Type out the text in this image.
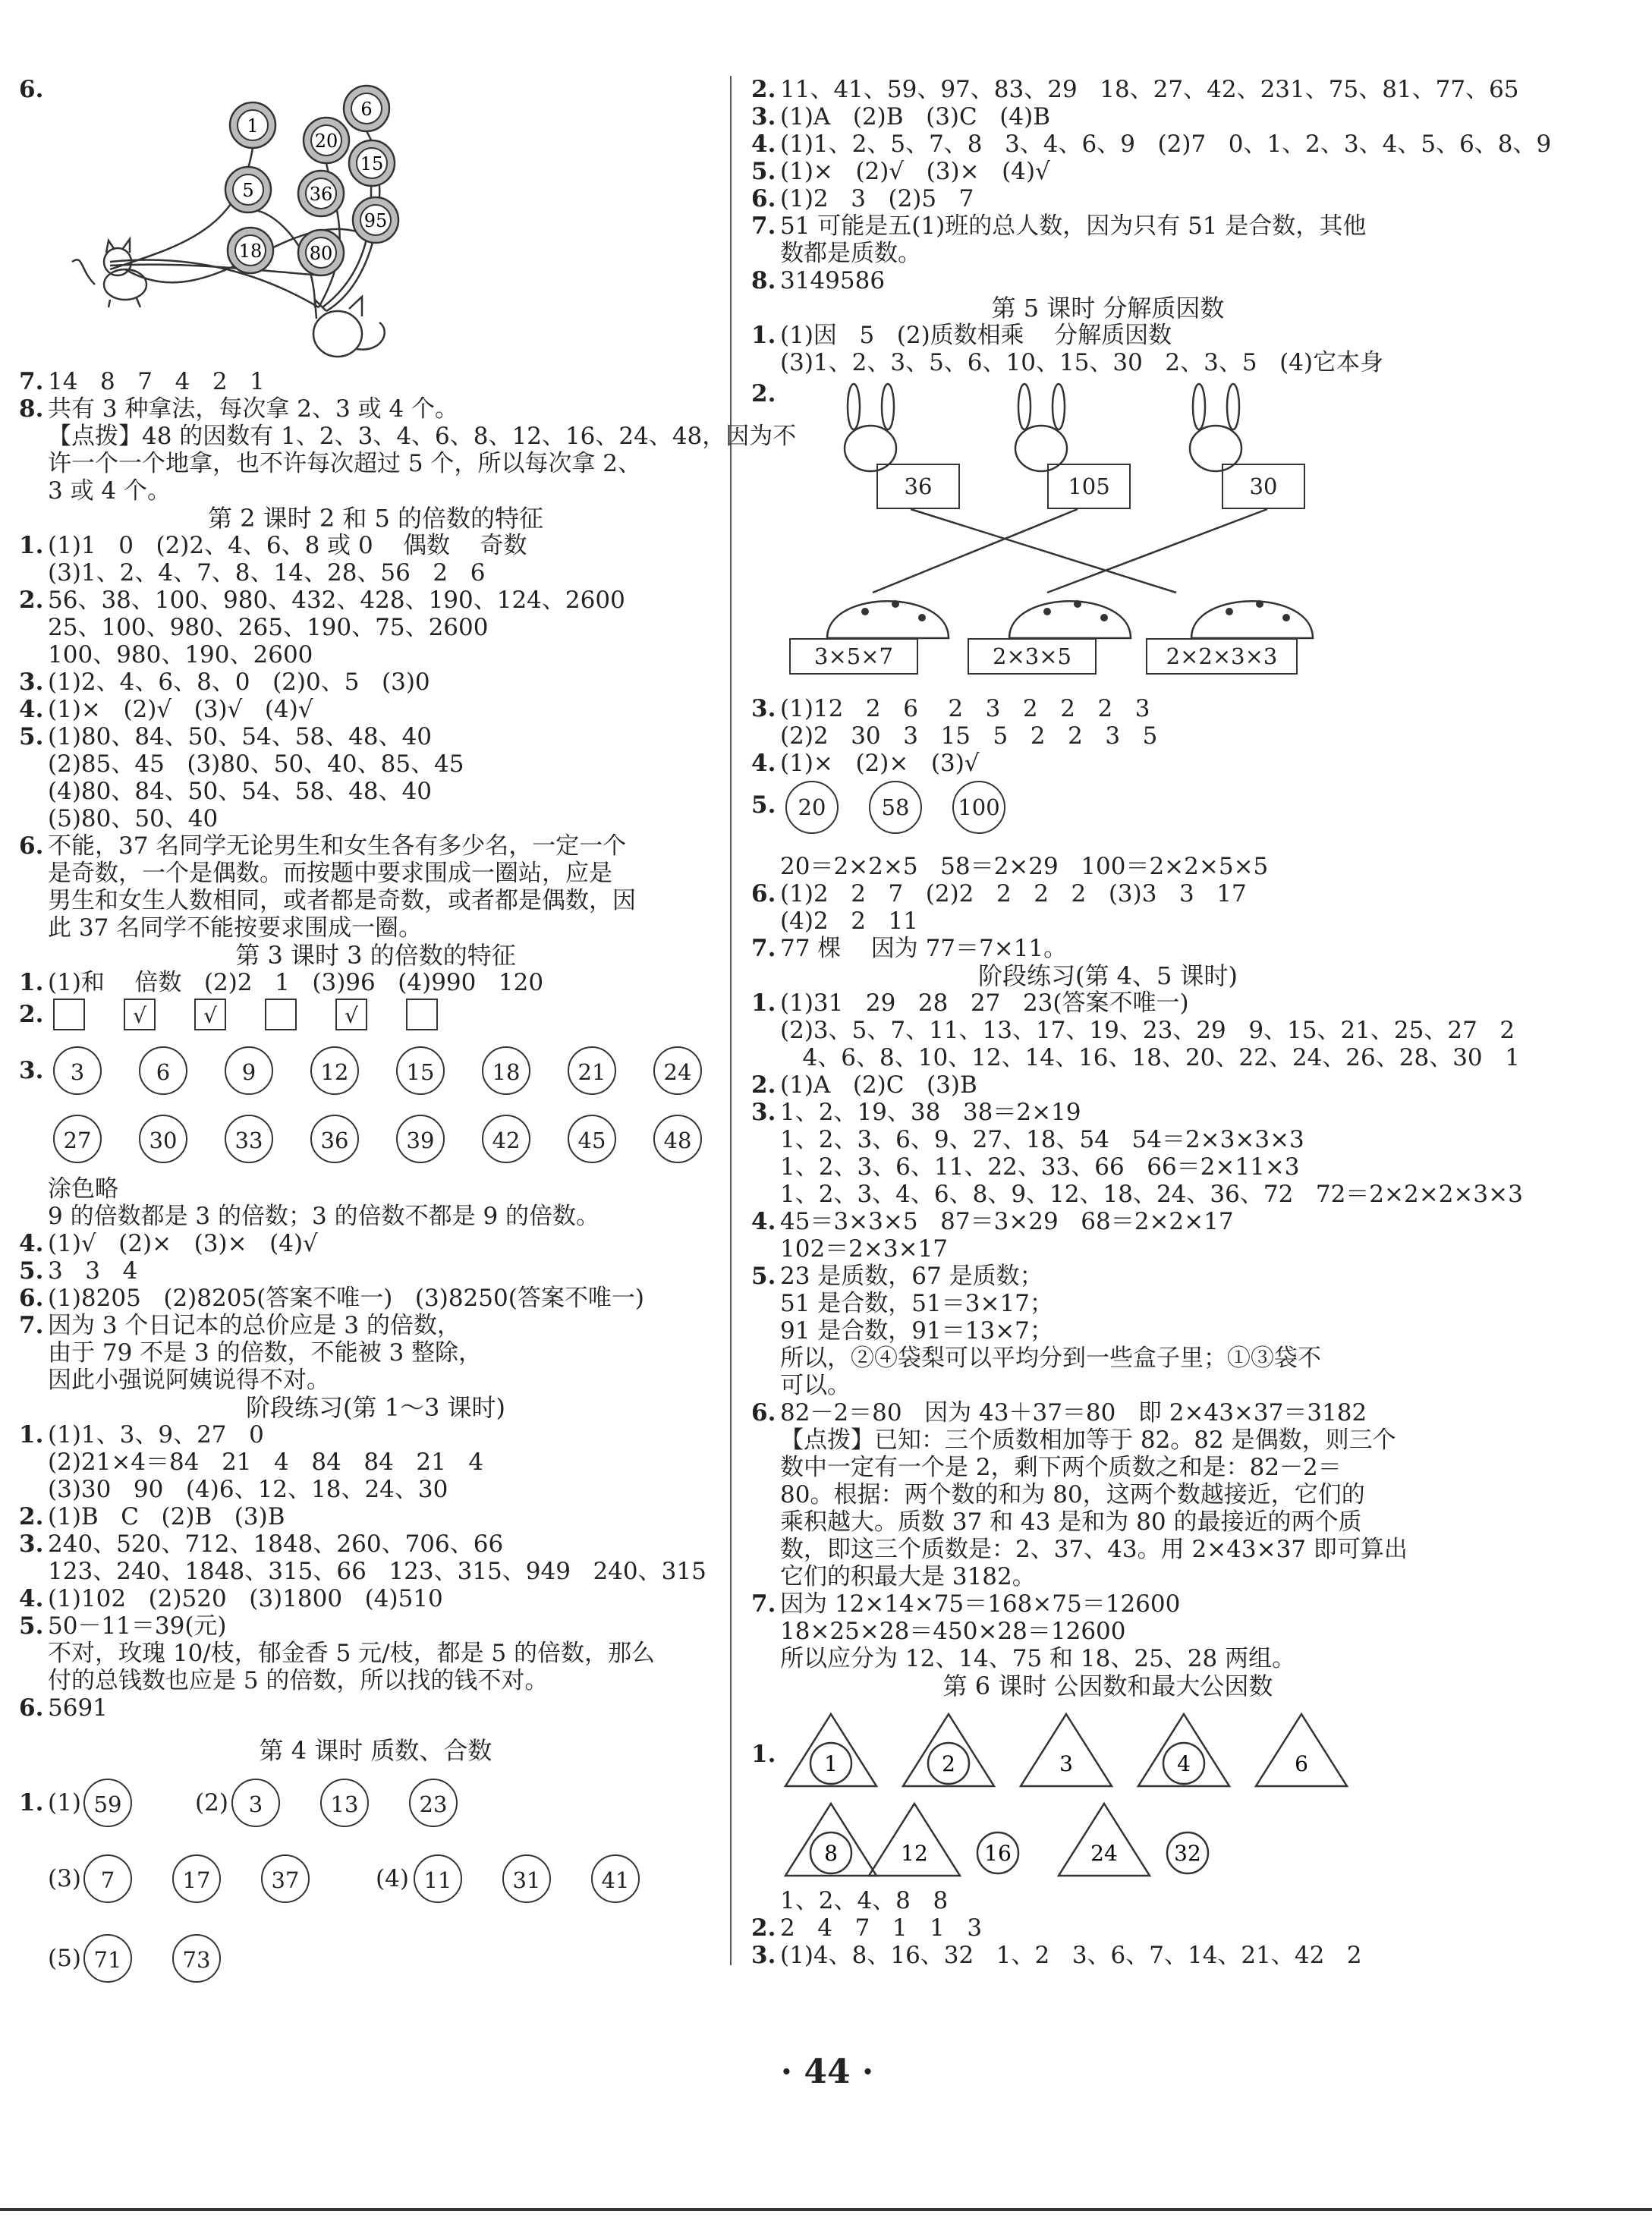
6.
1
6
20
15
5	36
95
18	80
7. 14   8   7   4   2   1
8. 共有 3 种拿法，每次拿 2、3 或 4 个。
【点拨】48 的因数有 1、2、3、4、6、8、12、16、24、48，因为不
许一个一个地拿，也不许每次超过 5 个，所以每次拿 2、
3 或 4 个。
第 2 课时 2 和 5 的倍数的特征
1. (1)1   0   (2)2、4、6、8 或 0    偶数    奇数
(3)1、2、4、7、8、14、28、56   2   6
2. 56、38、100、980、432、428、190、124、2600
25、100、980、265、190、75、2600
100、980、190、2600
3. (1)2、4、6、8、0   (2)0、5   (3)0
4. (1)×   (2)√   (3)√   (4)√
5. (1)80、84、50、54、58、48、40
(2)85、45   (3)80、50、40、85、45
(4)80、84、50、54、58、48、40
(5)80、50、40
6. 不能，37 名同学无论男生和女生各有多少名，一定一个
是奇数，一个是偶数。而按题中要求围成一圈站，应是
男生和女生人数相同，或者都是奇数，或者都是偶数，因
此 37 名同学不能按要求围成一圈。
第 3 课时 3 的倍数的特征
1. (1)和    倍数   (2)2   1   (3)96   (4)990   120
2.	√	√	√
3.	3	6	9	12	15	18	21	24
27	30	33	36	39	42	45	48
涂色略
9 的倍数都是 3 的倍数；3 的倍数不都是 9 的倍数。
4. (1)√   (2)×   (3)×   (4)√
5. 3   3   4
6. (1)8205   (2)8205(答案不唯一)   (3)8250(答案不唯一)
7. 因为 3 个日记本的总价应是 3 的倍数，
由于 79 不是 3 的倍数，不能被 3 整除，
因此小强说阿姨说得不对。
阶段练习(第 1～3 课时)
1. (1)1、3、9、27   0
(2)21×4＝84   21   4   84   84   21   4
(3)30   90   (4)6、12、18、24、30
2. (1)B   C   (2)B   (3)B
3. 240、520、712、1848、260、706、66
123、240、1848、315、66   123、315、949   240、315
4. (1)102   (2)520   (3)1800   (4)510
5. 50－11＝39(元)
不对，玫瑰 10/枝，郁金香 5 元/枝，都是 5 的倍数，那么
付的总钱数也应是 5 的倍数，所以找的钱不对。
6. 5691
第 4 课时 质数、合数
1. (1) 59	(2) 3	13	23
(3) 7	17	37	(4) 11	31	41
(5) 71	73
2. 11、41、59、97、83、29   18、27、42、231、75、81、77、65
3. (1)A   (2)B   (3)C   (4)B
4. (1)1、2、5、7、8   3、4、6、9   (2)7   0、1、2、3、4、5、6、8、9
5. (1)×   (2)√   (3)×   (4)√
6. (1)2   3   (2)5   7
7. 51 可能是五(1)班的总人数，因为只有 51 是合数，其他
数都是质数。
8. 3149586
第 5 课时 分解质因数
1. (1)因   5   (2)质数相乘    分解质因数
(3)1、2、3、5、6、10、15、30   2、3、5   (4)它本身
2.
36	105	30
3×5×7	2×3×5	2×2×3×3
3. (1)12   2   6    2   3   2   2   2   3
(2)2   30   3   15   5   2   2   3   5
4. (1)×   (2)×   (3)√
5.	20	58	100
20＝2×2×5   58＝2×29   100＝2×2×5×5
6. (1)2   2   7   (2)2   2   2   2   (3)3   3   17
(4)2   2   11
7. 77 棵    因为 77＝7×11。
阶段练习(第 4、5 课时)
1. (1)31   29   28   27   23(答案不唯一)
(2)3、5、7、11、13、17、19、23、29   9、15、21、25、27   2
4、6、8、10、12、14、16、18、20、22、24、26、28、30   1
2. (1)A   (2)C   (3)B
3. 1、2、19、38   38＝2×19
1、2、3、6、9、27、18、54   54＝2×3×3×3
1、2、3、6、11、22、33、66   66＝2×11×3
1、2、3、4、6、8、9、12、18、24、36、72   72＝2×2×2×3×3
4. 45＝3×3×5   87＝3×29   68＝2×2×17
102＝2×3×17
5. 23 是质数，67 是质数；
51 是合数，51＝3×17；
91 是合数，91＝13×7；
所以，②④袋梨可以平均分到一些盒子里；①③袋不
可以。
6. 82－2＝80   因为 43＋37＝80   即 2×43×37＝3182
【点拨】已知：三个质数相加等于 82。82 是偶数，则三个
数中一定有一个是 2，剩下两个质数之和是：82－2＝
80。根据：两个数的和为 80，这两个数越接近，它们的
乘积越大。质数 37 和 43 是和为 80 的最接近的两个质
数，即这三个质数是：2、37、43。用 2×43×37 即可算出
它们的积最大是 3182。
7. 因为 12×14×75＝168×75＝12600
18×25×28＝450×28＝12600
所以应分为 12、14、75 和 18、25、28 两组。
第 6 课时 公因数和最大公因数
1. 1	2	3	4	6
8	12	16	24	32
1、2、4、8   8
2. 2   4   7   1   1   3
3. (1)4、8、16、32   1、2   3、6、7、14、21、42   2
· 44 ·
